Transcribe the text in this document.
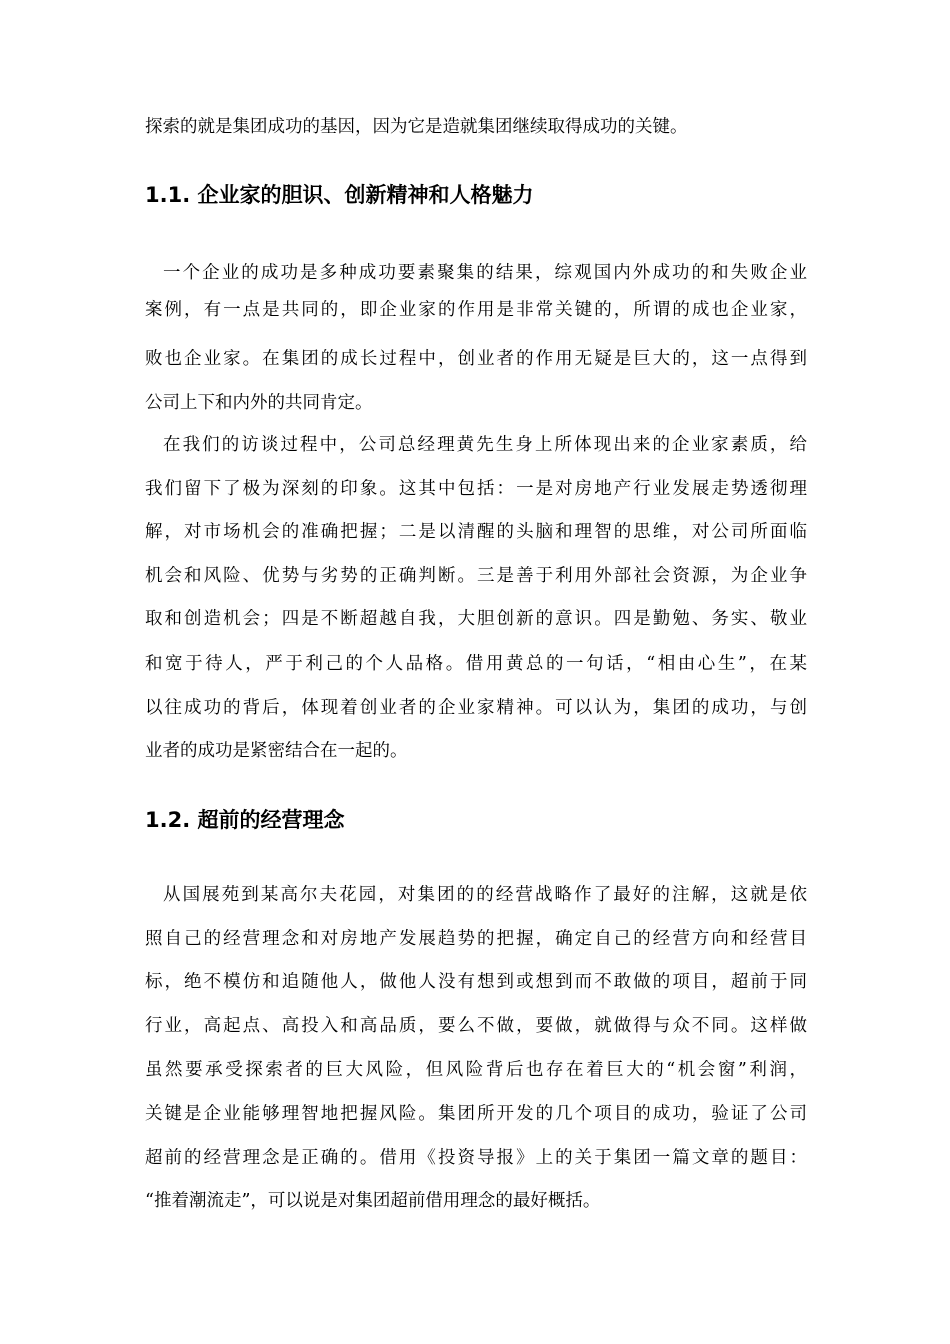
探索的就是集团成功的基因，因为它是造就集团继续取得成功的关键。
1.1. 企业家的胆识、创新精神和人格魅力
一个企业的成功是多种成功要素聚集的结果，综观国内外成功的和失败企业
案例，有一点是共同的，即企业家的作用是非常关键的，所谓的成也企业家，
败也企业家。在集团的成长过程中，创业者的作用无疑是巨大的，这一点得到
公司上下和内外的共同肯定。
在我们的访谈过程中，公司总经理黄先生身上所体现出来的企业家素质，给
我们留下了极为深刻的印象。这其中包括：一是对房地产行业发展走势透彻理
解，对市场机会的准确把握；二是以清醒的头脑和理智的思维，对公司所面临
机会和风险、优势与劣势的正确判断。三是善于利用外部社会资源，为企业争
取和创造机会；四是不断超越自我，大胆创新的意识。四是勤勉、务实、敬业
和宽于待人，严于利己的个人品格。借用黄总的一句话，“相由心生”，在某
以往成功的背后，体现着创业者的企业家精神。可以认为，集团的成功，与创
业者的成功是紧密结合在一起的。
1.2. 超前的经营理念
从国展苑到某高尔夫花园，对集团的的经营战略作了最好的注解，这就是依
照自己的经营理念和对房地产发展趋势的把握，确定自己的经营方向和经营目
标，绝不模仿和追随他人，做他人没有想到或想到而不敢做的项目，超前于同
行业，高起点、高投入和高品质，要么不做，要做，就做得与众不同。这样做
虽然要承受探索者的巨大风险，但风险背后也存在着巨大的“机会窗”利润，
关键是企业能够理智地把握风险。集团所开发的几个项目的成功，验证了公司
超前的经营理念是正确的。借用《投资导报》上的关于集团一篇文章的题目：
“推着潮流走”，可以说是对集团超前借用理念的最好概括。
